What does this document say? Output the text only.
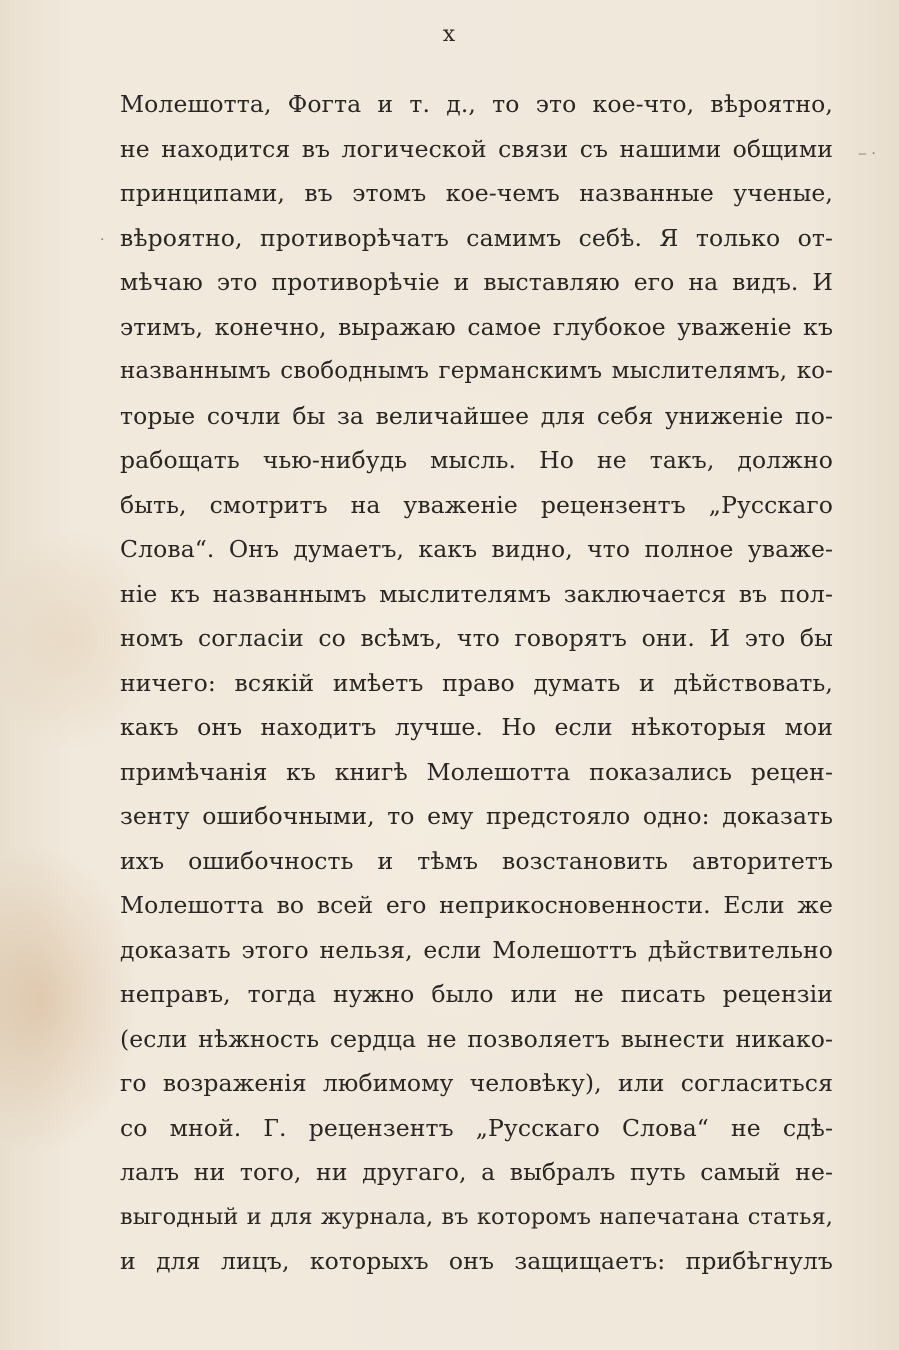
x
‒ ·
·
Молешотта, Фогта и т. д., то это кое-что, вѣроятно,
не находится въ логической связи съ нашими общими
принципами, въ этомъ кое-чемъ названные ученые,
вѣроятно, противорѣчатъ самимъ себѣ. Я только от-
мѣчаю это противорѣчіе и выставляю его на видъ. И
этимъ, конечно, выражаю самое глубокое уваженіе къ
названнымъ свободнымъ германскимъ мыслителямъ, ко-
торые сочли бы за величайшее для себя униженіе по-
рабощать чью-нибудь мысль. Но не такъ, должно
быть, смотритъ на уваженіе рецензентъ „Русскаго
Слова“. Онъ думаетъ, какъ видно, что полное уваже-
ніе къ названнымъ мыслителямъ заключается въ пол-
номъ согласіи со всѣмъ, что говорятъ они. И это бы
ничего: всякій имѣетъ право думать и дѣйствовать,
какъ онъ находитъ лучше. Но если нѣкоторыя мои
примѣчанія къ книгѣ Молешотта показались рецен-
зенту ошибочными, то ему предстояло одно: доказать
ихъ ошибочность и тѣмъ возстановить авторитетъ
Молешотта во всей его неприкосновенности. Если же
доказать этого нельзя, если Молешоттъ дѣйствительно
неправъ, тогда нужно было или не писать рецензіи
(если нѣжность сердца не позволяетъ вынести никако-
го возраженія любимому человѣку), или согласиться
со мной. Г. рецензентъ „Русскаго Слова“ не сдѣ-
лалъ ни того, ни другаго, а выбралъ путь самый не-
выгодный и для журнала, въ которомъ напечатана статья,
и для лицъ, которыхъ онъ защищаетъ: прибѣгнулъ
